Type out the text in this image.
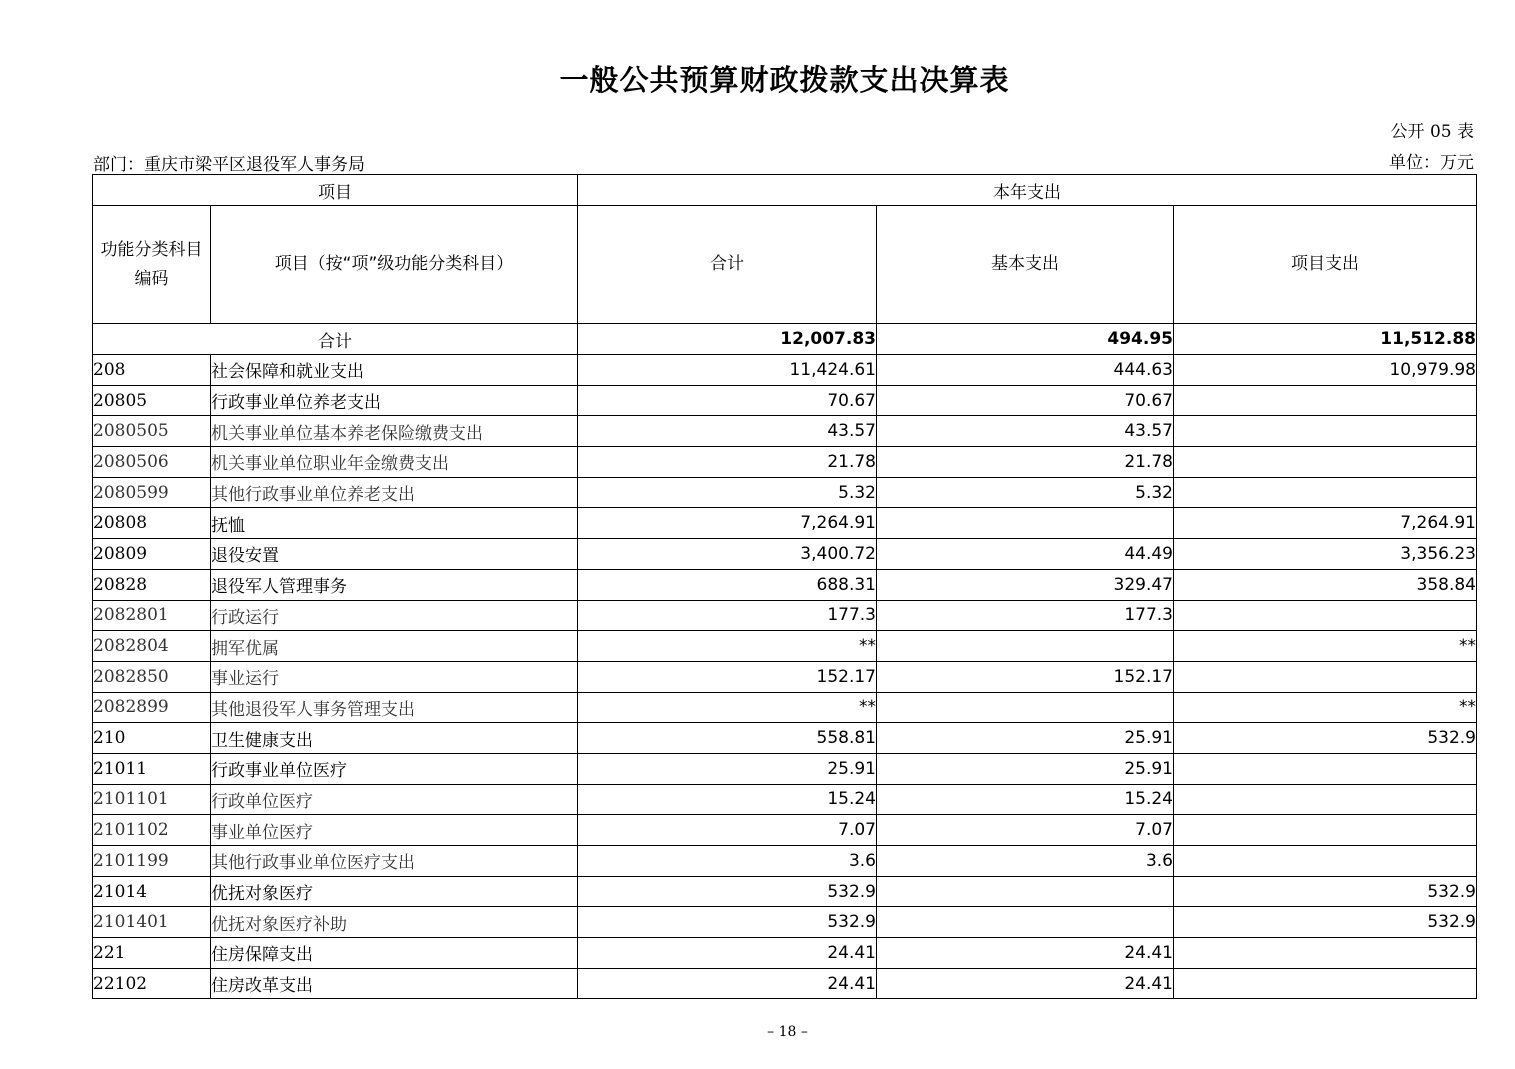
一般公共预算财政拨款支出决算表
公开 05 表
部门：重庆市梁平区退役军人事务局	单位：万元
项目		本年支出		
功能分类科目
编码	项目（按“项”级功能分类科目）	合计	基本支出	项目支出
合计		12,007.83	494.95	11,512.88
208	社会保障和就业支出	11,424.61	444.63	10,979.98
20805	行政事业单位养老支出	70.67	70.67	
2080505	机关事业单位基本养老保险缴费支出	43.57	43.57	
2080506	机关事业单位职业年金缴费支出	21.78	21.78	
2080599	其他行政事业单位养老支出	5.32	5.32	
20808	抚恤	7,264.91		7,264.91
20809	退役安置	3,400.72	44.49	3,356.23
20828	退役军人管理事务	688.31	329.47	358.84
2082801	行政运行	177.3	177.3	
2082804	拥军优属	**		**
2082850	事业运行	152.17	152.17	
2082899	其他退役军人事务管理支出	**		**
210	卫生健康支出	558.81	25.91	532.9
21011	行政事业单位医疗	25.91	25.91	
2101101	行政单位医疗	15.24	15.24	
2101102	事业单位医疗	7.07	7.07	
2101199	其他行政事业单位医疗支出	3.6	3.6	
21014	优抚对象医疗	532.9		532.9
2101401	优抚对象医疗补助	532.9		532.9
221	住房保障支出	24.41	24.41	
22102	住房改革支出	24.41	24.41	
– 18 –
